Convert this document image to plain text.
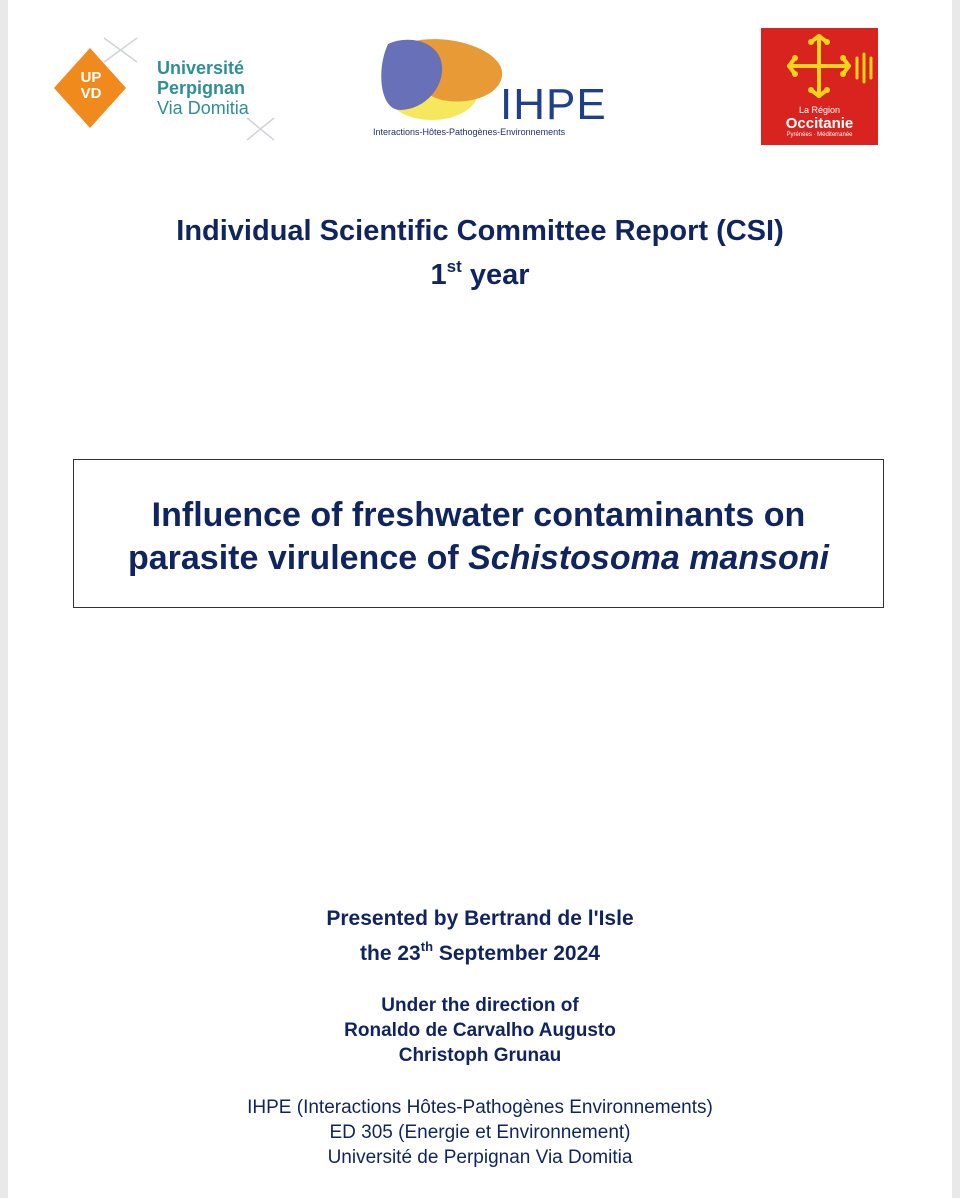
UP
VD
Université
Perpignan
Via Domitia	IHPE
Interactions-Hôtes-Pathogènes-Environnements
La Région
Occitanie
Pyrénées · Méditerranée
Individual Scientific Committee Report (CSI)
1st year
Influence of freshwater contaminants on
parasite virulence of Schistosoma mansoni
Presented by Bertrand de l'Isle
the 23th September 2024
Under the direction of
Ronaldo de Carvalho Augusto
Christoph Grunau
IHPE (Interactions Hôtes-Pathogènes Environnements)
ED 305 (Energie et Environnement)
Université de Perpignan Via Domitia
